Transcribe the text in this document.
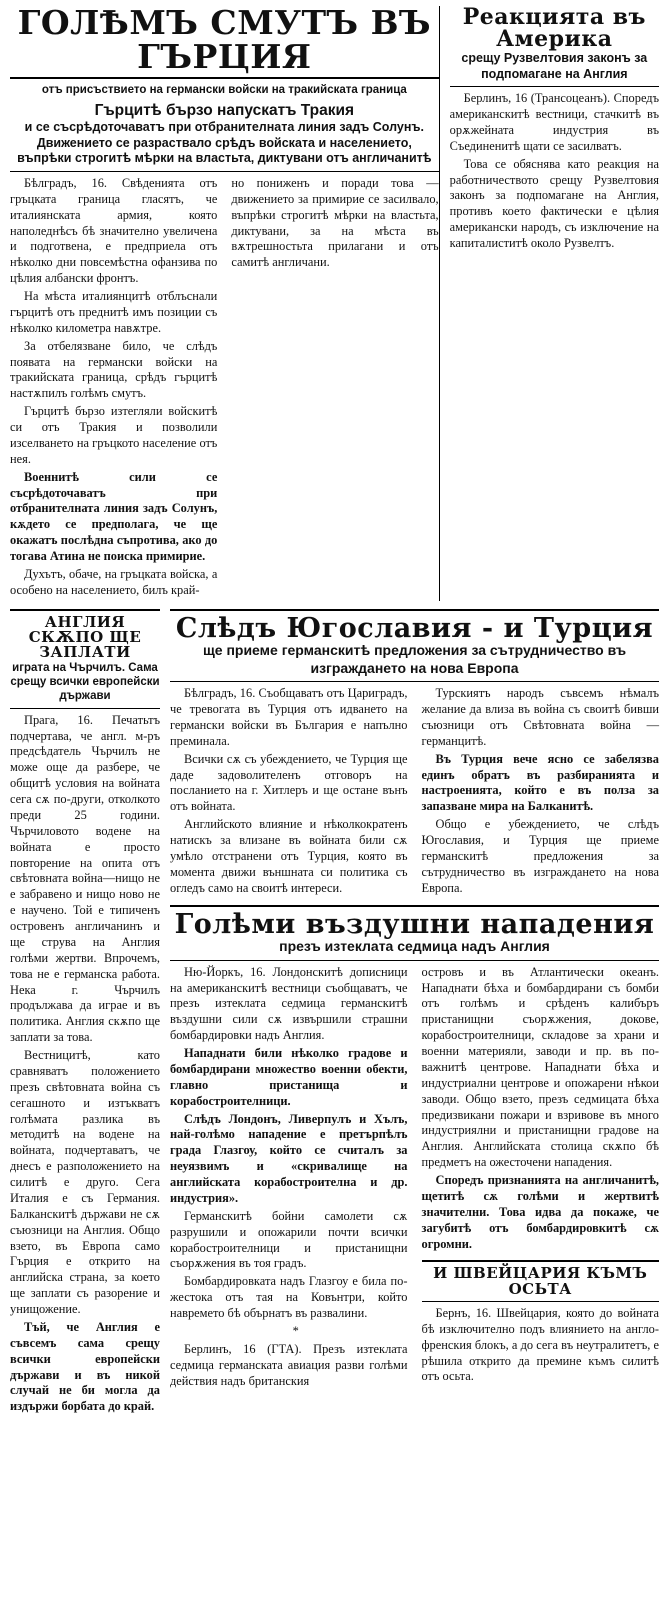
ГОЛѢМЪ СМУТЪ ВЪ ГЪРЦИЯ
отъ присъствието на германски войски на тракийската граница
Гърцитѣ бързо напускатъ Тракия
и се съсрѣдоточаватъ при отбранителната линия задъ Солунъ. Движението се разраствало срѣдъ войската и населението, въпрѣки строгитѣ мѣрки на властьта, диктувани отъ англичанитѣ

Бѣлградъ, 16. Свѣденията отъ гръцката граница гласятъ, че италиянската армия, която наполеднѣсъ бѣ значително увеличена и подготвена, е предприела отъ нѣколко дни повсемѣстна офанзива по цѣлия албански фронтъ.

На мѣста италиянцитѣ отблъснали гърцитѣ отъ преднитѣ имъ позиции съ нѣколко километра навѫтре.

За отбелязване било, че слѣдъ появата на германски войски на тракийската граница, срѣдъ гърцитѣ настѫпилъ голѣмъ смутъ.

Гърцитѣ бързо изтегляли войскитѣ си отъ Тракия и позволили изселването на гръцкото население отъ нея.

Военнитѣ сили се съсрѣдоточаватъ при отбранителната линия задъ Солунъ, кѫдето се предполага, че ще окажатъ послѣдна съпротива, ако до тогава Атина не поиска примирие.

Духътъ, обаче, на гръцката войска, а особено на населението, билъ край-

но пониженъ и поради това — движението за примирие се засилвало, въпрѣки строгитѣ мѣрки на властьта, диктувани, за на мѣста въ вѫтрешностьта прилагани и отъ самитѣ англичани.

Реакцията въ Америка
срещу Рузвелтовия законъ за подпомагане на Англия

Берлинъ, 16 (Трансоцеанъ). Споредъ американскитѣ вестници, стачкитѣ въ орѫжейната индустрия въ Съединенитѣ щати се засилватъ.

Това се обяснява като реакция на работничеството срещу Рузвелтовия законъ за подпомагане на Англия, противъ което фактически е цѣлия американски народъ, съ изключение на капиталиститѣ около Рузвелтъ.

АНГЛИЯ СКѪПО ЩЕ ЗАПЛАТИ
играта на Чърчилъ. Сама срещу всички европейски държави

Прага, 16. Печатьтъ подчертава, че англ. м-ръ предсѣдатель Чърчилъ не може още да разбере, че общитѣ условия на войната сега сѫ по-други, отколкото преди 25 години. Чърчиловото водене на войната е просто повторение на опита отъ свѣтовната война—нищо не е забравено и нищо ново не е научено. Той е типиченъ островенъ англичанинъ и ще струва на Англия голѣми жертви. Впрочемъ, това не е германска работа. Нека г. Чърчилъ продължава да играе и въ политика. Англия скѫпо ще заплати за това.

Вестницитѣ, като сравняватъ положението презъ свѣтовната война съ сегашното и изтъкватъ голѣмата разлика въ методитѣ на водене на войната, подчертаватъ, че днесъ е разположението на силитѣ е друго. Сега Италия е съ Германия. Балканскитѣ държави не сѫ съюзници на Англия. Общо взето, въ Европа само Гърция е открито на английска страна, за което ще заплати съ разорение и унищожение.

Тъй, че Англия е съвсемъ сама срещу всички европейски държави и въ никой случай не би могла да издържи борбата до край.

Слѣдъ Югославия - и Турция
ще приеме германскитѣ предложения за сътрудничество въ изграждането на нова Европа

Бѣлградъ, 16. Съобщаватъ отъ Цариградъ, че тревогата въ Турция отъ идването на германски войски въ България е напълно преминала.

Всички сѫ съ убеждението, че Турция ще даде задоволителенъ отговоръ на посланието на г. Хитлеръ и ще остане вънъ отъ войната.

Английското влияние и нѣколкократенъ натискъ за влизане въ войната били сѫ умѣло отстранени отъ Турция, която въ момента движи външната си политика съ огледъ само на своитѣ интереси.

Турскиятъ народъ съвсемъ нѣмалъ желание да влиза въ война съ своитѣ бивши съюзници отъ Свѣтовната война — германцитѣ.

Въ Турция вече ясно се забелязва единъ обратъ въ разбиранията и настроенията, който е въ полза за запазване мира на Балканитѣ.

Общо е убеждението, че слѣдъ Югославия, и Турция ще приеме германскитѣ предложения за сътрудничество въ изграждането на нова Европа.

Голѣми въздушни нападения
презъ изтеклата седмица надъ Англия

Ню-Йоркъ, 16. Лондонскитѣ дописници на американскитѣ вестници съобщаватъ, че презъ изтеклата седмица германскитѣ въздушни сили сѫ извършили страшни бомбардировки надъ Англия.

Нападнати били нѣколко градове и бомбардирани множество военни обекти, главно пристанища и корабостроителници.

Слѣдъ Лондонъ, Ливерпулъ и Хълъ, най-голѣмо нападение е претърпѣлъ града Глазгоу, който се считалъ за неуязвимъ и «скривалище на английската корабостроителна и др. индустрия».

Германскитѣ бойни самолети сѫ разрушили и опожарили почти всички корабостроителници и пристанищни съорѫжения въ тоя градъ.

Бомбардировката надъ Глазгоу е била по-жестока отъ тая на Ковънтри, който навремето бѣ обърнатъ въ развалини.

*

Берлинъ, 16 (ГТА). Презъ изтеклата седмица германската авиация разви голѣми действия надъ британския

островъ и въ Атлантически океанъ. Нападнати бѣха и бомбардирани съ бомби отъ голѣмъ и срѣденъ калибъръ пристанищни съорѫжения, докове, корабостроителници, складове за храни и военни материяли, заводи и пр. въ по-важнитѣ центрове. Нападнати бѣха и индустриални центрове и опожарени нѣкои заводи. Общо взето, презъ седмицата бѣха предизвикани пожари и взривове въ много индустриялни и пристанищни градове на Англия. Английската столица скѫпо бѣ предметъ на ожесточени нападения.

Споредъ признанията на англичанитѣ, щетитѣ сѫ голѣми и жертвитѣ значителни. Това идва да покаже, че загубитѣ отъ бомбардировкитѣ сѫ огромни.

И ШВЕЙЦАРИЯ КЪМЪ ОСЬТА

Бернъ, 16. Швейцария, която до войната бѣ изключително подъ влиянието на англо-френския блокъ, а до сега въ неутралитетъ, е рѣшила открито да премине къмъ силитѣ отъ осьта.
